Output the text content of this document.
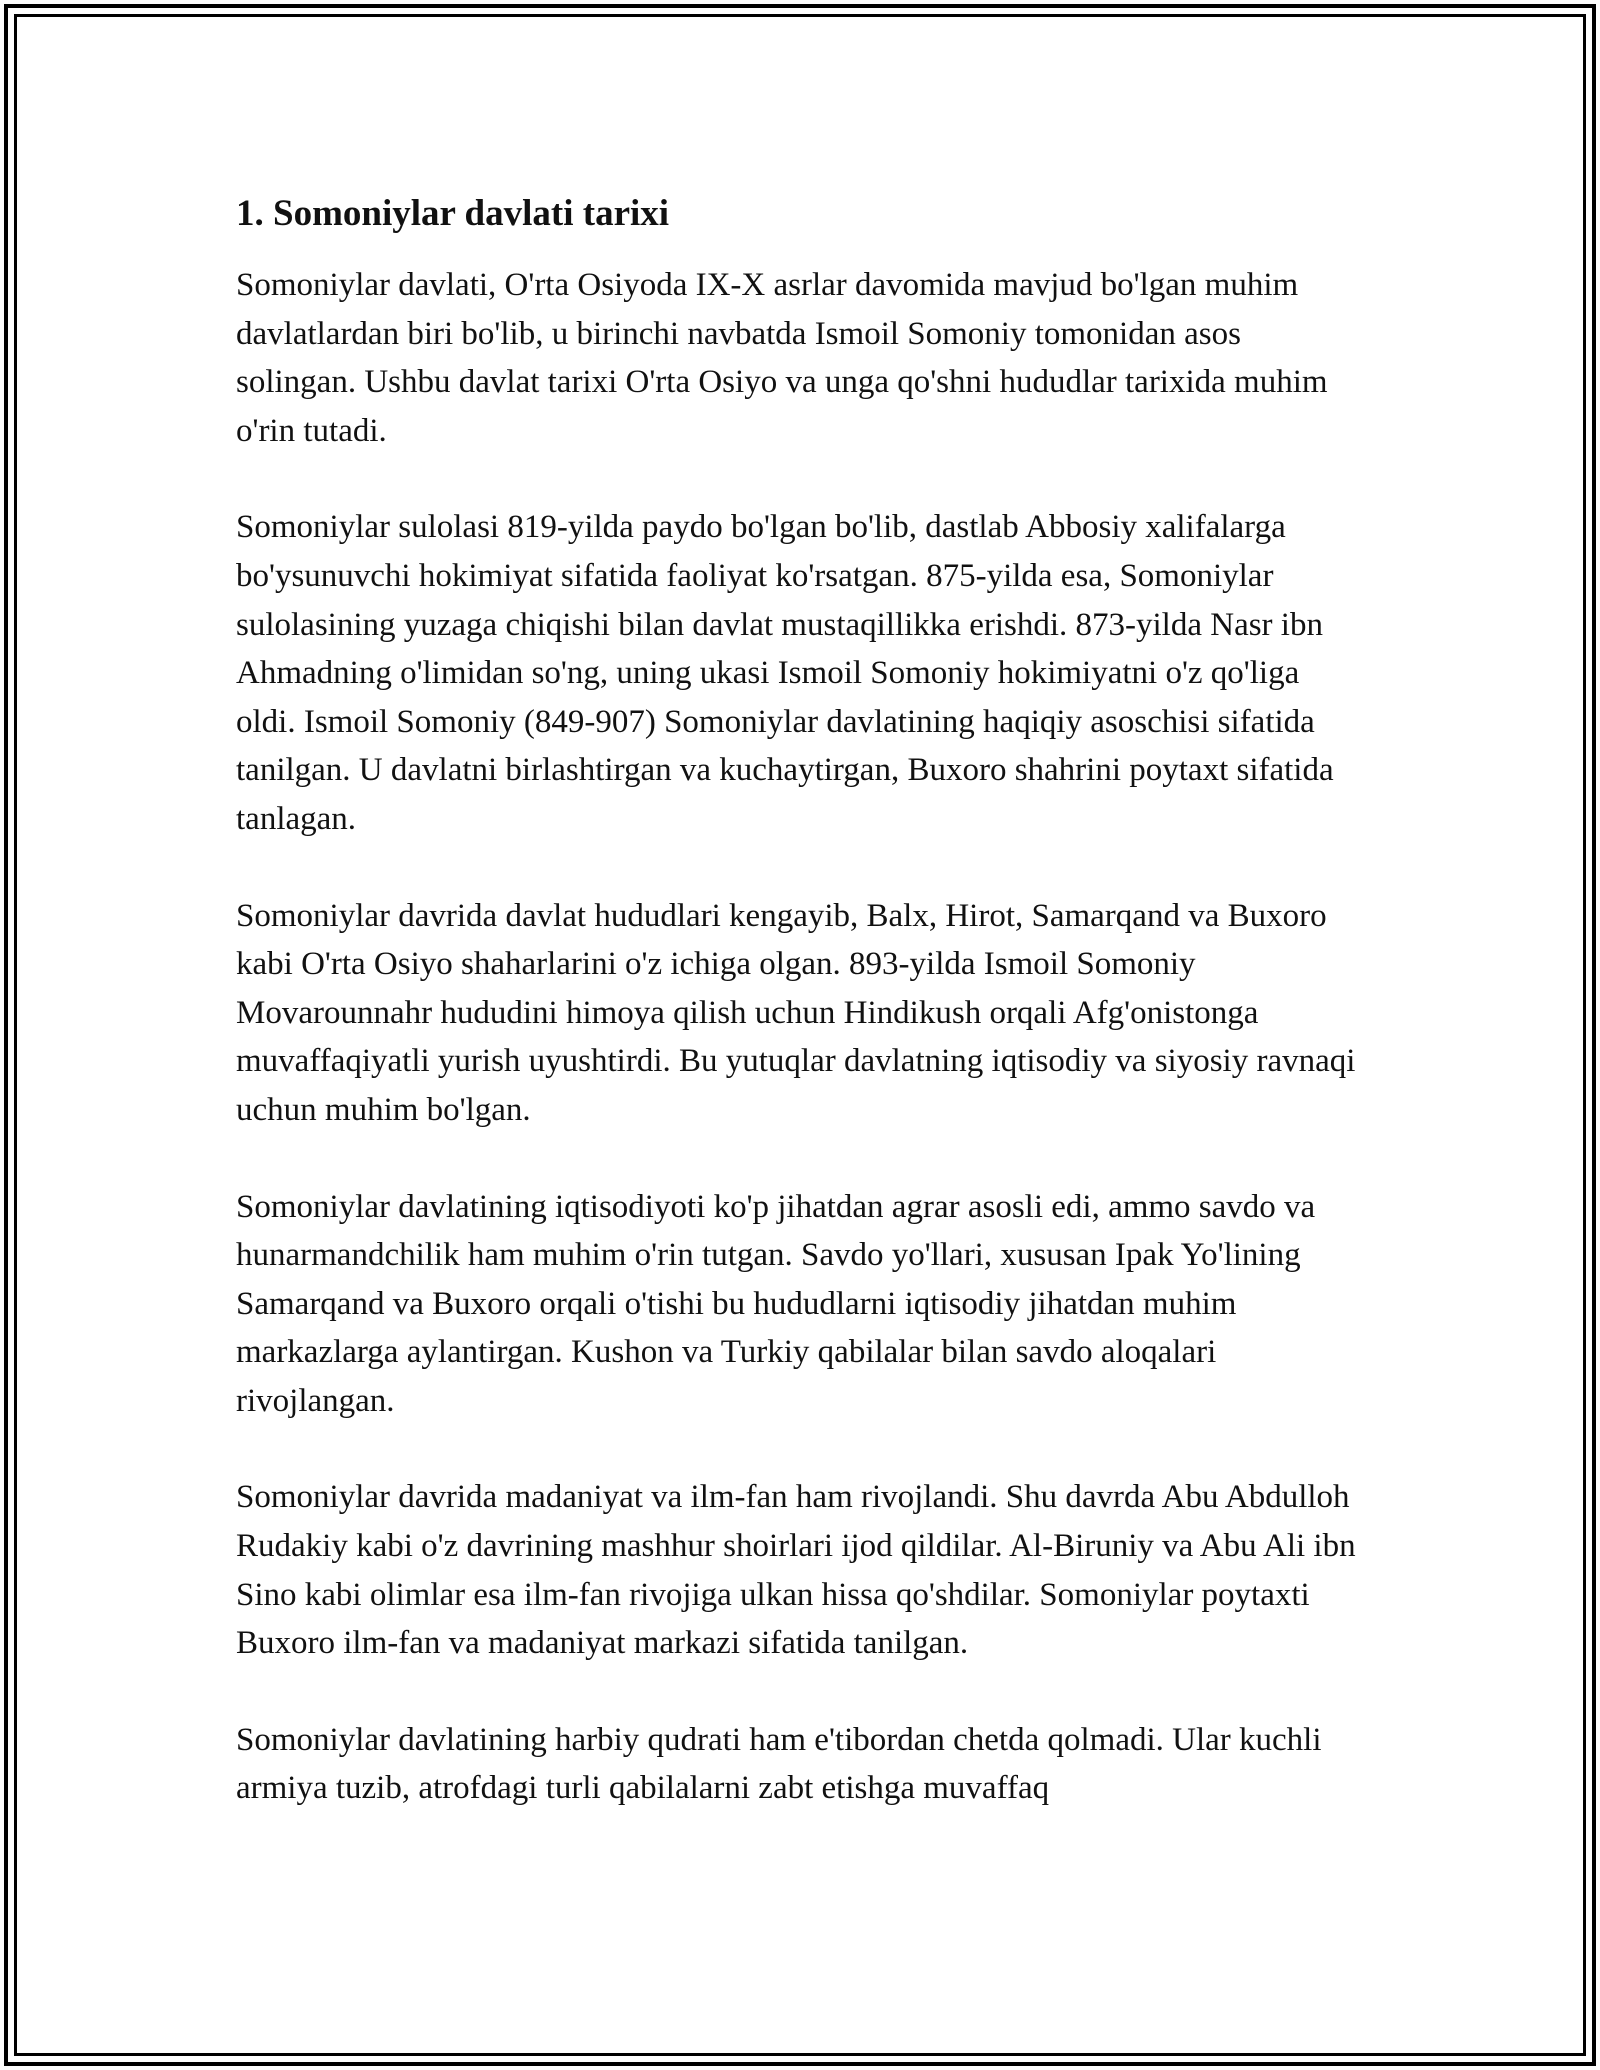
1. Somoniylar davlati tarixi

Somoniylar davlati, O'rta Osiyoda IX-X asrlar davomida mavjud bo'lgan muhim davlatlardan biri bo'lib, u birinchi navbatda Ismoil Somoniy tomonidan asos solingan. Ushbu davlat tarixi O'rta Osiyo va unga qo'shni hududlar tarixida muhim o'rin tutadi.

Somoniylar sulolasi 819-yilda paydo bo'lgan bo'lib, dastlab Abbosiy xalifalarga bo'ysunuvchi hokimiyat sifatida faoliyat ko'rsatgan. 875-yilda esa, Somoniylar sulolasining yuzaga chiqishi bilan davlat mustaqillikka erishdi. 873-yilda Nasr ibn Ahmadning o'limidan so'ng, uning ukasi Ismoil Somoniy hokimiyatni o'z qo'liga oldi. Ismoil Somoniy (849-907) Somoniylar davlatining haqiqiy asoschisi sifatida tanilgan. U davlatni birlashtirgan va kuchaytirgan, Buxoro shahrini poytaxt sifatida tanlagan.

Somoniylar davrida davlat hududlari kengayib, Balx, Hirot, Samarqand va Buxoro kabi O'rta Osiyo shaharlarini o'z ichiga olgan. 893-yilda Ismoil Somoniy Movarounnahr hududini himoya qilish uchun Hindikush orqali Afg'onistonga muvaffaqiyatli yurish uyushtirdi. Bu yutuqlar davlatning iqtisodiy va siyosiy ravnaqi uchun muhim bo'lgan.

Somoniylar davlatining iqtisodiyoti ko'p jihatdan agrar asosli edi, ammo savdo va hunarmandchilik ham muhim o'rin tutgan. Savdo yo'llari, xususan Ipak Yo'lining Samarqand va Buxoro orqali o'tishi bu hududlarni iqtisodiy jihatdan muhim markazlarga aylantirgan. Kushon va Turkiy qabilalar bilan savdo aloqalari rivojlangan.

Somoniylar davrida madaniyat va ilm-fan ham rivojlandi. Shu davrda Abu Abdulloh Rudakiy kabi o'z davrining mashhur shoirlari ijod qildilar. Al-Biruniy va Abu Ali ibn Sino kabi olimlar esa ilm-fan rivojiga ulkan hissa qo'shdilar. Somoniylar poytaxti Buxoro ilm-fan va madaniyat markazi sifatida tanilgan.

Somoniylar davlatining harbiy qudrati ham e'tibordan chetda qolmadi. Ular kuchli armiya tuzib, atrofdagi turli qabilalarni zabt etishga muvaffaq
